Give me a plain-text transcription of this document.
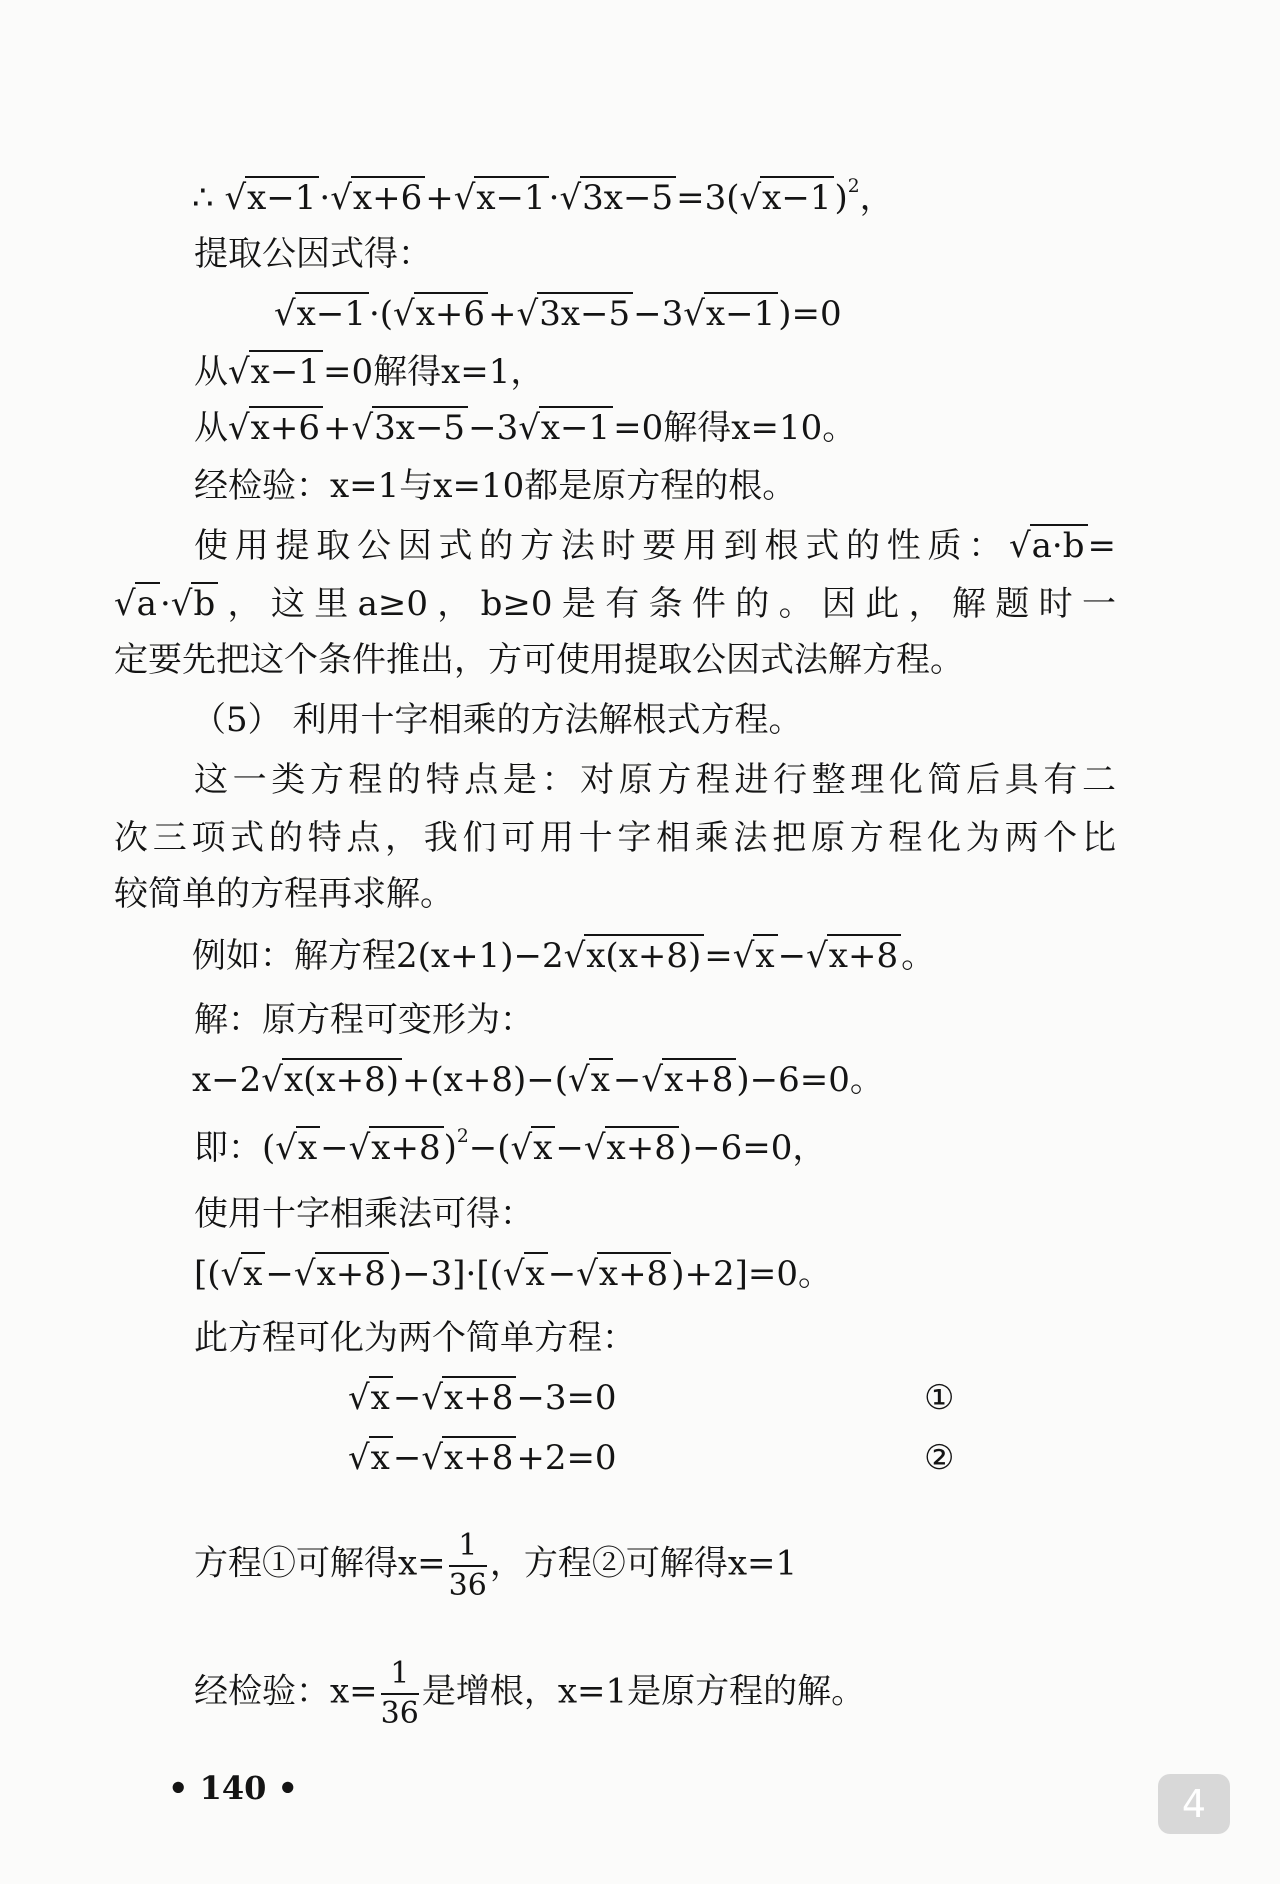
∴ √ x−1· √ x+6+ √ x−1· √ 3x−5=3( √ x−1)$^2$，
提取公因式得：
√ x−1·( √ x+6+ √ 3x−5−3 √ x−1)=0
从 √ x−1=0解得x=1，
从 √ x+6+ √ 3x−5−3 √ x−1=0解得x=10。
经检验：x=1与x=10都是原方程的根。
使用提取公因式的方法时要用到根式的性质： √ a·b=
√ a· √ b，这里a≥0，b≥0是有条件的。因此，解题时一
定要先把这个条件推出，方可使用提取公因式法解方程。
（5） 利用十字相乘的方法解根式方程。
这一类方程的特点是：对原方程进行整理化简后具有二
次三项式的特点，我们可用十字相乘法把原方程化为两个比
较简单的方程再求解。
例如：解方程2(x+1)−2 √ x(x+8)= √ x− √ x+8。
解：原方程可变形为：
x−2 √ x(x+8)+(x+8)−( √ x− √ x+8)−6=0。
即：( √ x− √ x+8)$^2$−( √ x− √ x+8)−6=0，
使用十字相乘法可得：
[( √ x− √ x+8)−3]·[( √ x− √ x+8)+2]=0。
此方程可化为两个简单方程：
√ x− √ x+8−3=0
√ x− √ x+8+2=0
①
②
方程①可解得$x= \frac{1}{36}$ ，方程②可解得x=1
经检验：$x= \frac{1}{36}$ 是增根，x=1是原方程的解。
• 140 •	4
